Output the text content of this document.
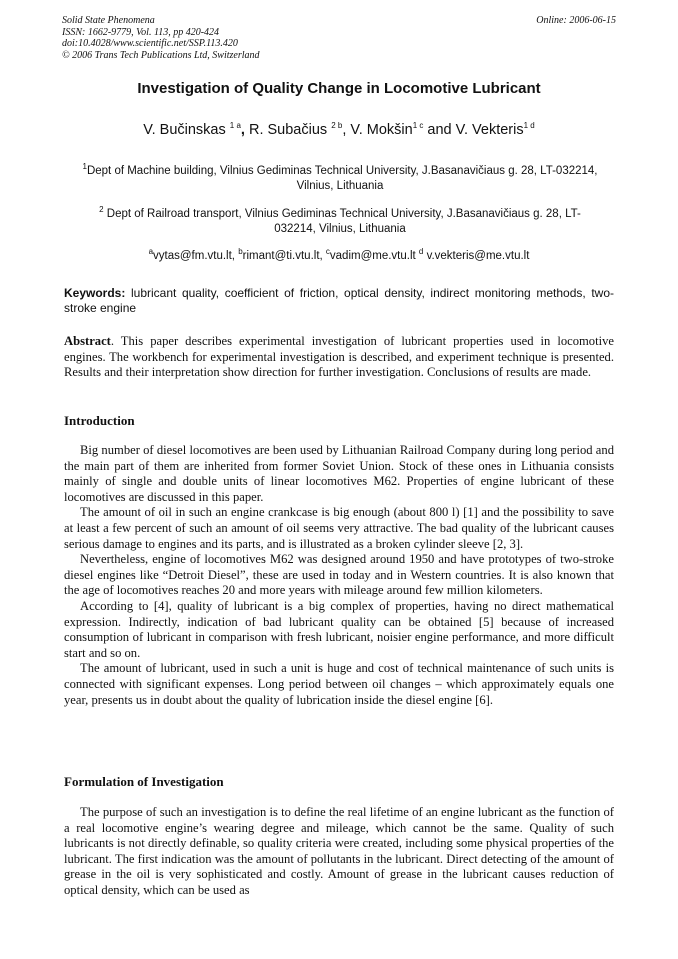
Solid State Phenomena
ISSN: 1662-9779, Vol. 113, pp 420-424
doi:10.4028/www.scientific.net/SSP.113.420
© 2006 Trans Tech Publications Ltd, Switzerland
Online: 2006-06-15
Investigation of Quality Change in Locomotive Lubricant
V. Bučinskas $^{1 a}$, R. Subačius $^{2 b}$, V. Mokšin$^{1 c}$ and V. Vekteris$^{1 d}$
$^1$Dept of Machine building, Vilnius Gediminas Technical University, J.Basanavičiaus g. 28, LT-032214, Vilnius, Lithuania
$^2$ Dept of Railroad transport, Vilnius Gediminas Technical University, J.Basanavičiaus g. 28, LT-032214, Vilnius, Lithuania
$^a$vytas@fm.vtu.lt, $^b$rimant@ti.vtu.lt, $^c$vadim@me.vtu.lt $^d$ v.vekteris@me.vtu.lt
Keywords: lubricant quality, coefficient of friction, optical density, indirect monitoring methods, two-stroke engine

Abstract. This paper describes experimental investigation of lubricant properties used in locomotive engines. The workbench for experimental investigation is described, and experiment technique is presented. Results and their interpretation show direction for further investigation. Conclusions of results are made.

Introduction

Big number of diesel locomotives are been used by Lithuanian Railroad Company during long period and the main part of them are inherited from former Soviet Union. Stock of these ones in Lithuania consists mainly of single and double units of linear locomotives M62. Properties of engine lubricant of these locomotives are discussed in this paper.

The amount of oil in such an engine crankcase is big enough (about 800 l) [1] and the possibility to save at least a few percent of such an amount of oil seems very attractive. The bad quality of the lubricant causes serious damage to engines and its parts, and is illustrated as a broken cylinder sleeve [2, 3].

Nevertheless, engine of locomotives M62 was designed around 1950 and have prototypes of two-stroke diesel engines like “Detroit Diesel”, these are used in today and in Western countries. It is also known that the age of locomotives reaches 20 and more years with mileage around few million kilometers.

According to [4], quality of lubricant is a big complex of properties, having no direct mathematical expression. Indirectly, indication of bad lubricant quality can be obtained [5] because of increased consumption of lubricant in comparison with fresh lubricant, noisier engine performance, and more difficult start and so on.

The amount of lubricant, used in such a unit is huge and cost of technical maintenance of such units is connected with significant expenses. Long period between oil changes – which approximately equals one year, presents us in doubt about the quality of lubrication inside the diesel engine [6].

Formulation of Investigation

The purpose of such an investigation is to define the real lifetime of an engine lubricant as the function of a real locomotive engine’s wearing degree and mileage, which cannot be the same. Quality of such lubricants is not directly definable, so quality criteria were created, including some physical properties of the lubricant. The first indication was the amount of pollutants in the lubricant. Direct detecting of the amount of grease in the oil is very sophisticated and costly. Amount of grease in the lubricant causes reduction of optical density, which can be used as
